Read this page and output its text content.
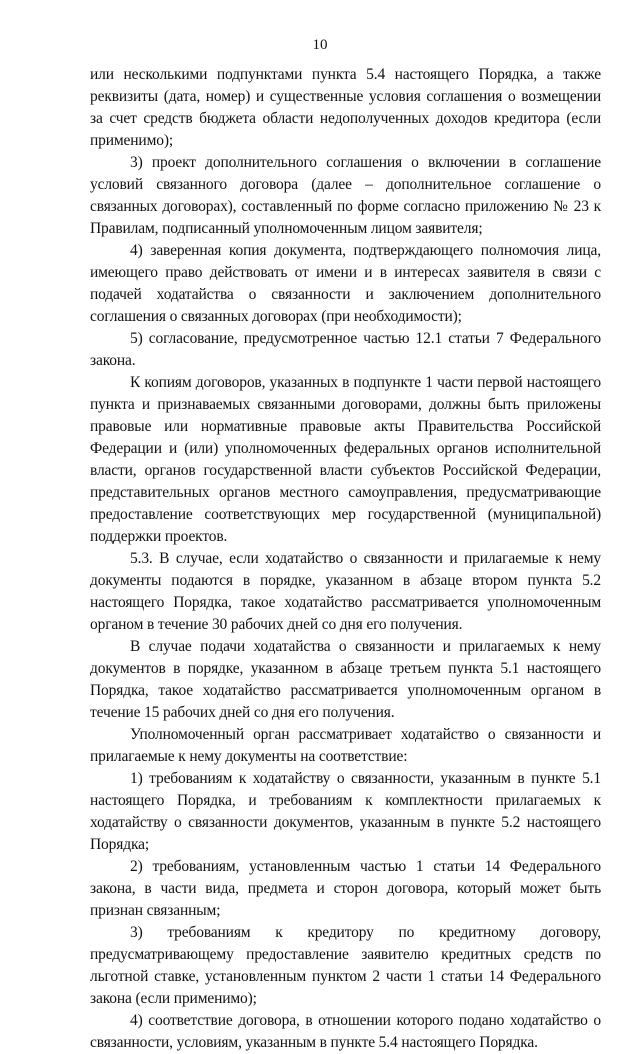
10

или несколькими подпунктами пункта 5.4 настоящего Порядка, а также реквизиты (дата, номер) и существенные условия соглашения о возмещении за счет средств бюджета области недополученных доходов кредитора (если применимо);

3) проект дополнительного соглашения о включении в соглашение условий связанного договора (далее – дополнительное соглашение о связанных договорах), составленный по форме согласно приложению № 23 к Правилам, подписанный уполномоченным лицом заявителя;

4) заверенная копия документа, подтверждающего полномочия лица, имеющего право действовать от имени и в интересах заявителя в связи с подачей ходатайства о связанности и заключением дополнительного соглашения о связанных договорах (при необходимости);

5) согласование, предусмотренное частью 12.1 статьи 7 Федерального закона.

К копиям договоров, указанных в подпункте 1 части первой настоящего пункта и признаваемых связанными договорами, должны быть приложены правовые или нормативные правовые акты Правительства Российской Федерации и (или) уполномоченных федеральных органов исполнительной власти, органов государственной власти субъектов Российской Федерации, представительных органов местного самоуправления, предусматривающие предоставление соответствующих мер государственной (муниципальной) поддержки проектов.

5.3. В случае, если ходатайство о связанности и прилагаемые к нему документы подаются в порядке, указанном в абзаце втором пункта 5.2 настоящего Порядка, такое ходатайство рассматривается уполномоченным органом в течение 30 рабочих дней со дня его получения.

В случае подачи ходатайства о связанности и прилагаемых к нему документов в порядке, указанном в абзаце третьем пункта 5.1 настоящего Порядка, такое ходатайство рассматривается уполномоченным органом в течение 15 рабочих дней со дня его получения.

Уполномоченный орган рассматривает ходатайство о связанности и прилагаемые к нему документы на соответствие:

1) требованиям к ходатайству о связанности, указанным в пункте 5.1 настоящего Порядка, и требованиям к комплектности прилагаемых к ходатайству о связанности документов, указанным в пункте 5.2 настоящего Порядка;

2) требованиям, установленным частью 1 статьи 14 Федерального закона, в части вида, предмета и сторон договора, который может быть признан связанным;

3) требованиям к кредитору по кредитному договору, предусматривающему предоставление заявителю кредитных средств по льготной ставке, установленным пунктом 2 части 1 статьи 14 Федерального закона (если применимо);

4) соответствие договора, в отношении которого подано ходатайство о связанности, условиям, указанным в пункте 5.4 настоящего Порядка.
